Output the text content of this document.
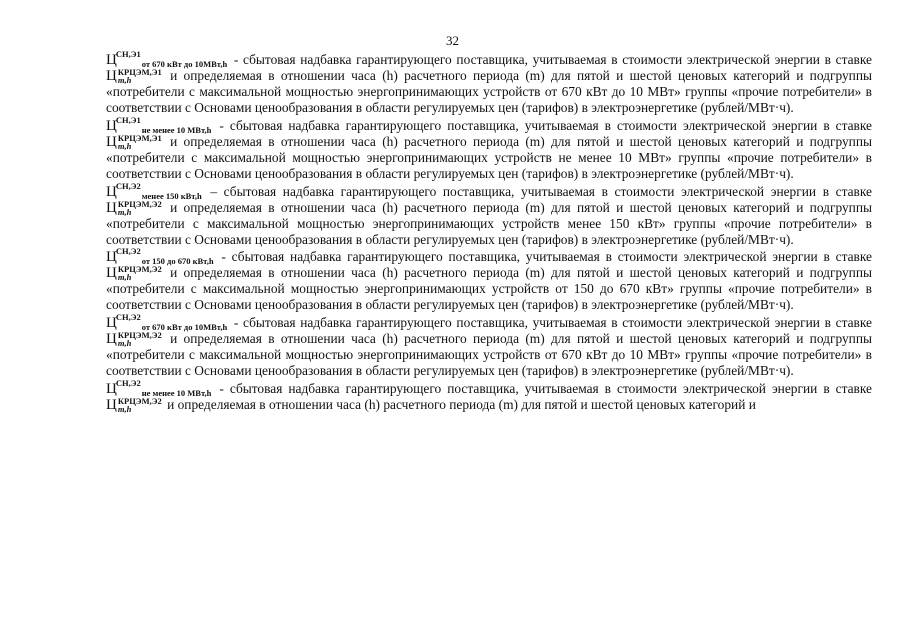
32

$Ц^{СН,Э1}_{от 670 кВт до 10МВт,h}$ - сбытовая надбавка гарантирующего поставщика, учитываемая в стоимости электрической энергии в ставке Ц КРЦЭМ,Э1
m,h	и определяемая в отношении часа (h) расчетного периода (m) для пятой и шестой ценовых категорий и подгруппы «потребители с максимальной мощностью энергопринимающих устройств от 670 кВт до 10 МВт» группы «прочие потребители» в соответствии с Основами ценообразования в области регулируемых цен (тарифов) в электроэнергетике (рублей/МВт·ч).

$Ц^{СН,Э1}_{не менее 10 МВт,h}$ - сбытовая надбавка гарантирующего поставщика, учитываемая в стоимости электрической энергии в ставке Ц КРЦЭМ,Э1
m,h	и определяемая в отношении часа (h) расчетного периода (m) для пятой и шестой ценовых категорий и подгруппы «потребители с максимальной мощностью энергопринимающих устройств не менее 10 МВт» группы «прочие потребители» в соответствии с Основами ценообразования в области регулируемых цен (тарифов) в электроэнергетике (рублей/МВт·ч).

$Ц^{СН,Э2}_{менее 150 кВт,h}$ – сбытовая надбавка гарантирующего поставщика, учитываемая в стоимости электрической энергии в ставке Ц КРЦЭМ,Э2
m,h	и определяемая в отношении часа (h) расчетного периода (m) для пятой и шестой ценовых категорий и подгруппы «потребители с максимальной мощностью энергопринимающих устройств менее 150 кВт» группы «прочие потребители» в соответствии с Основами ценообразования в области регулируемых цен (тарифов) в электроэнергетике (рублей/МВт·ч).

$Ц^{СН,Э2}_{от 150 до 670 кВт,h}$ - сбытовая надбавка гарантирующего поставщика, учитываемая в стоимости электрической энергии в ставке Ц КРЦЭМ,Э2
m,h	и определяемая в отношении часа (h) расчетного периода (m) для пятой и шестой ценовых категорий и подгруппы «потребители с максимальной мощностью энергопринимающих устройств от 150 до 670 кВт» группы «прочие потребители» в соответствии с Основами ценообразования в области регулируемых цен (тарифов) в электроэнергетике (рублей/МВт·ч).

$Ц^{СН,Э2}_{от 670 кВт до 10МВт,h}$ - сбытовая надбавка гарантирующего поставщика, учитываемая в стоимости электрической энергии в ставке Ц КРЦЭМ,Э2
m,h	и определяемая в отношении часа (h) расчетного периода (m) для пятой и шестой ценовых категорий и подгруппы «потребители с максимальной мощностью энергопринимающих устройств от 670 кВт до 10 МВт» группы «прочие потребители» в соответствии с Основами ценообразования в области регулируемых цен (тарифов) в электроэнергетике (рублей/МВт·ч).

$Ц^{СН,Э2}_{не менее 10 МВт,h}$ - сбытовая надбавка гарантирующего поставщика, учитываемая в стоимости электрической энергии в ставке Ц КРЦЭМ,Э2
m,h	и определяемая в отношении часа (h) расчетного периода (m) для пятой и шестой ценовых категорий и
